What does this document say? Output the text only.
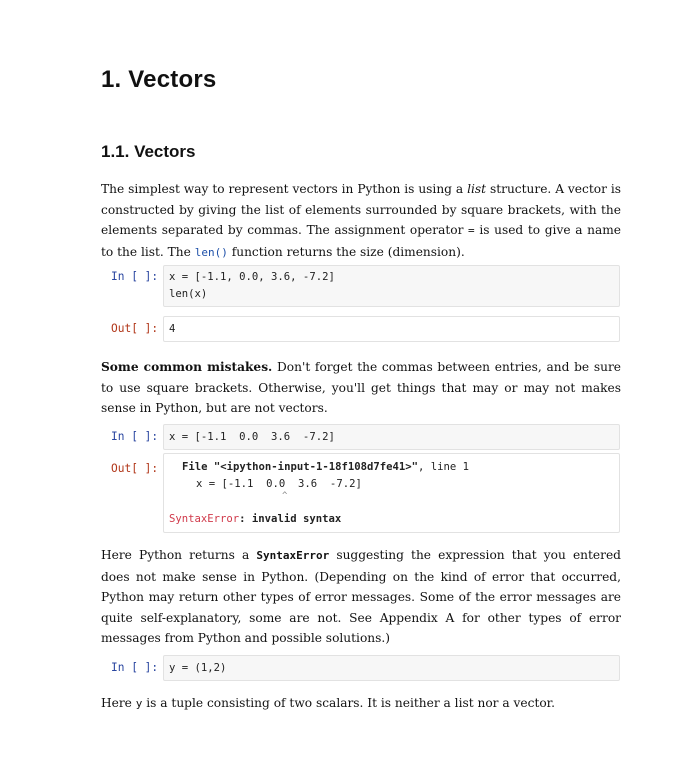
1. Vectors
1.1. Vectors
The simplest way to represent vectors in Python is using a list structure. A vector is constructed by giving the list of elements surrounded by square brackets, with the elements separated by commas. The assignment operator = is used to give a name to the list. The len() function returns the size (dimension).
In [ ]: x = [-1.1, 0.0, 3.6, -7.2]
len(x)
Out[ ]: 4
Some common mistakes. Don't forget the commas between entries, and be sure to use square brackets. Otherwise, you'll get things that may or may not makes sense in Python, but are not vectors.
In [ ]: x = [-1.1  0.0  3.6  -7.2]
Out[ ]: File "<ipython-input-1-18f108d7fe41>", line 1
x = [-1.1  0.0  3.6  -7.2]
^
SyntaxError: invalid syntax
Here Python returns a SyntaxError suggesting the expression that you entered does not make sense in Python. (Depending on the kind of error that occurred, Python may return other types of error messages. Some of the error messages are quite self-explanatory, some are not. See Appendix A for other types of error messages from Python and possible solutions.)
In [ ]: y = (1,2)
Here y is a tuple consisting of two scalars. It is neither a list nor a vector.
